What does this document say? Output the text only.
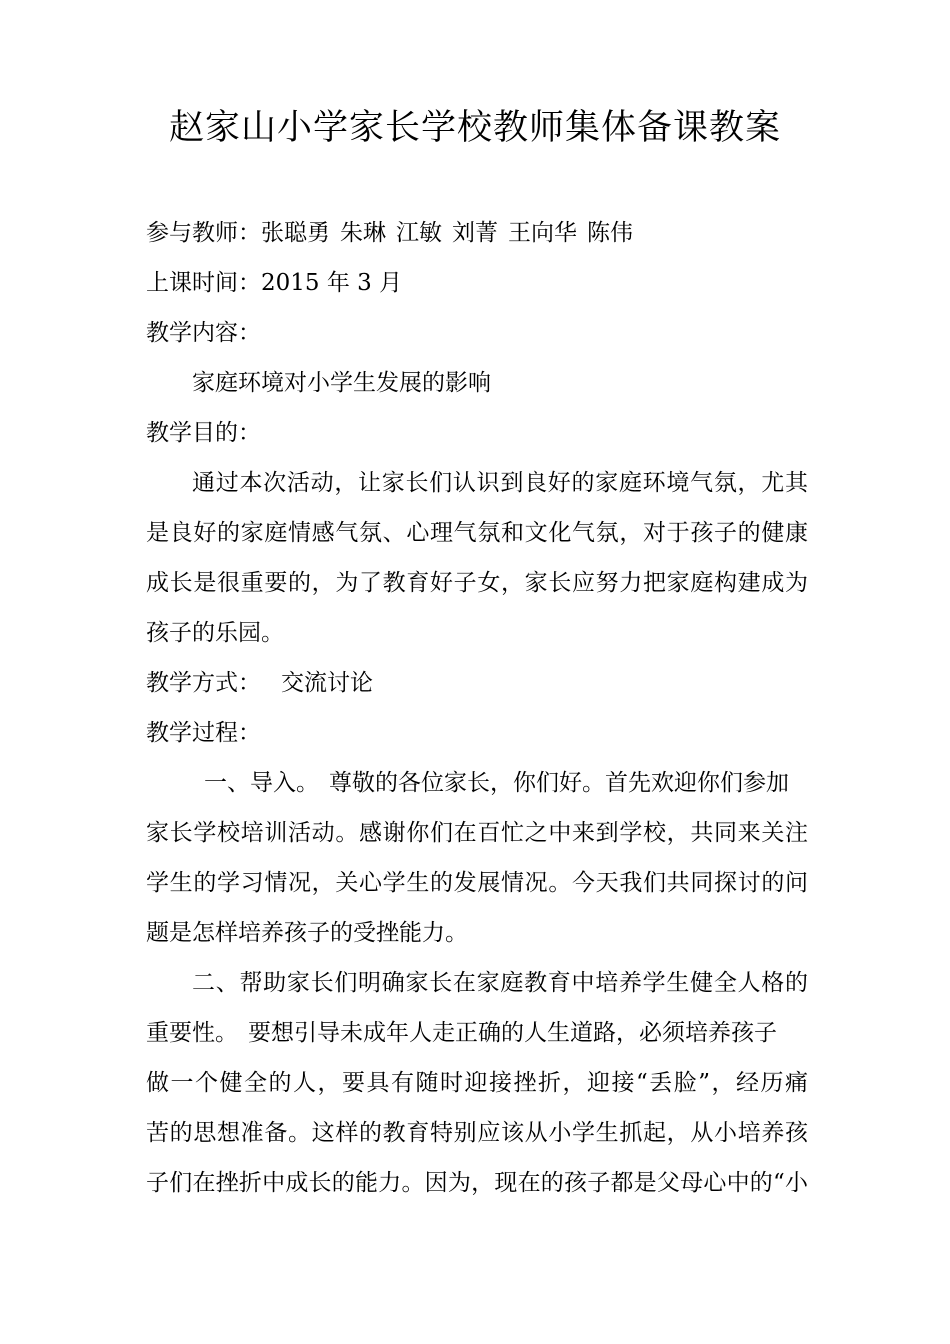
赵家山小学家长学校教师集体备课教案
参与教师：张聪勇 朱琳 江敏 刘菁 王向华 陈伟
上课时间：2015 年 3 月
教学内容：
家庭环境对小学生发展的影响
教学目的：
通过本次活动，让家长们认识到良好的家庭环境气氛，尤其
是良好的家庭情感气氛、心理气氛和文化气氛，对于孩子的健康
成长是很重要的，为了教育好子女，家长应努力把家庭构建成为
孩子的乐园。
教学方式： 交流讨论
教学过程：
一、导入。 尊敬的各位家长，你们好。首先欢迎你们参加
家长学校培训活动。感谢你们在百忙之中来到学校，共同来关注
学生的学习情况，关心学生的发展情况。今天我们共同探讨的问
题是怎样培养孩子的受挫能力。
二、帮助家长们明确家长在家庭教育中培养学生健全人格的
重要性。 要想引导未成年人走正确的人生道路，必须培养孩子
做一个健全的人，要具有随时迎接挫折，迎接“丢脸”，经历痛
苦的思想准备。这样的教育特别应该从小学生抓起，从小培养孩
子们在挫折中成长的能力。因为，现在的孩子都是父母心中的“小
